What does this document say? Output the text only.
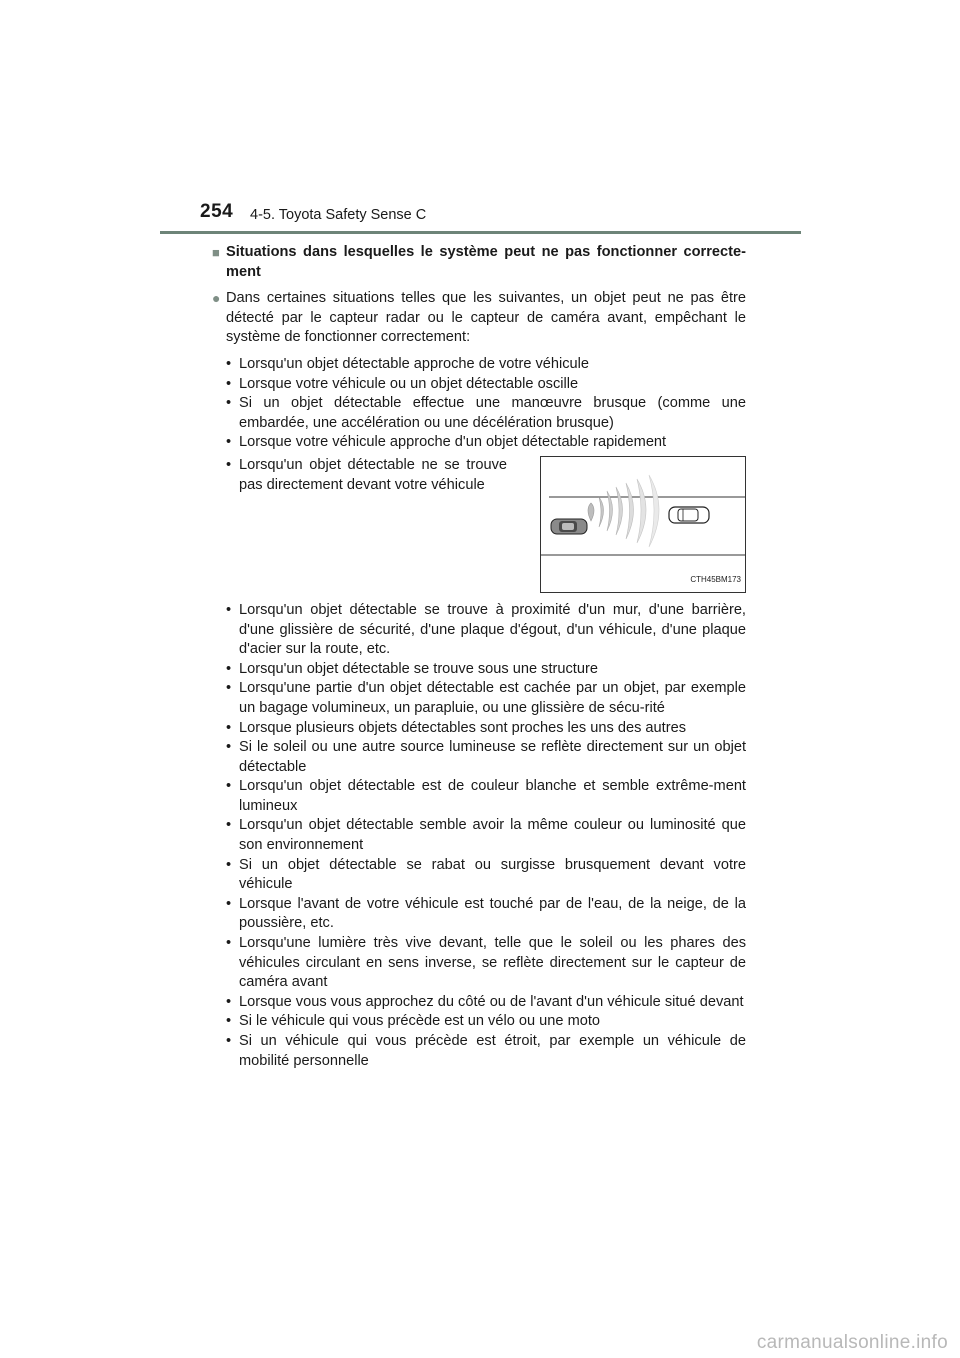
254 4-5. Toyota Safety Sense C
■ Situations dans lesquelles le système peut ne pas fonctionner correcte-ment
● Dans certaines situations telles que les suivantes, un objet peut ne pas être détecté par le capteur radar ou le capteur de caméra avant, empêchant le système de fonctionner correctement:
• Lorsqu'un objet détectable approche de votre véhicule
• Lorsque votre véhicule ou un objet détectable oscille
• Si un objet détectable effectue une manœuvre brusque (comme une embardée, une accélération ou une décélération brusque)
• Lorsque votre véhicule approche d'un objet détectable rapidement
• Lorsqu'un objet détectable ne se trouve pas directement devant votre véhicule
CTH45BM173
• Lorsqu'un objet détectable se trouve à proximité d'un mur, d'une barrière, d'une glissière de sécurité, d'une plaque d'égout, d'un véhicule, d'une plaque d'acier sur la route, etc.
• Lorsqu'un objet détectable se trouve sous une structure
• Lorsqu'une partie d'un objet détectable est cachée par un objet, par exemple un bagage volumineux, un parapluie, ou une glissière de sécu-rité
• Lorsque plusieurs objets détectables sont proches les uns des autres
• Si le soleil ou une autre source lumineuse se reflète directement sur un objet détectable
• Lorsqu'un objet détectable est de couleur blanche et semble extrême-ment lumineux
• Lorsqu'un objet détectable semble avoir la même couleur ou luminosité que son environnement
• Si un objet détectable se rabat ou surgisse brusquement devant votre véhicule
• Lorsque l'avant de votre véhicule est touché par de l'eau, de la neige, de la poussière, etc.
• Lorsqu'une lumière très vive devant, telle que le soleil ou les phares des véhicules circulant en sens inverse, se reflète directement sur le capteur de caméra avant
• Lorsque vous vous approchez du côté ou de l'avant d'un véhicule situé devant
• Si le véhicule qui vous précède est un vélo ou une moto
• Si un véhicule qui vous précède est étroit, par exemple un véhicule de mobilité personnelle
carmanualsonline.info
